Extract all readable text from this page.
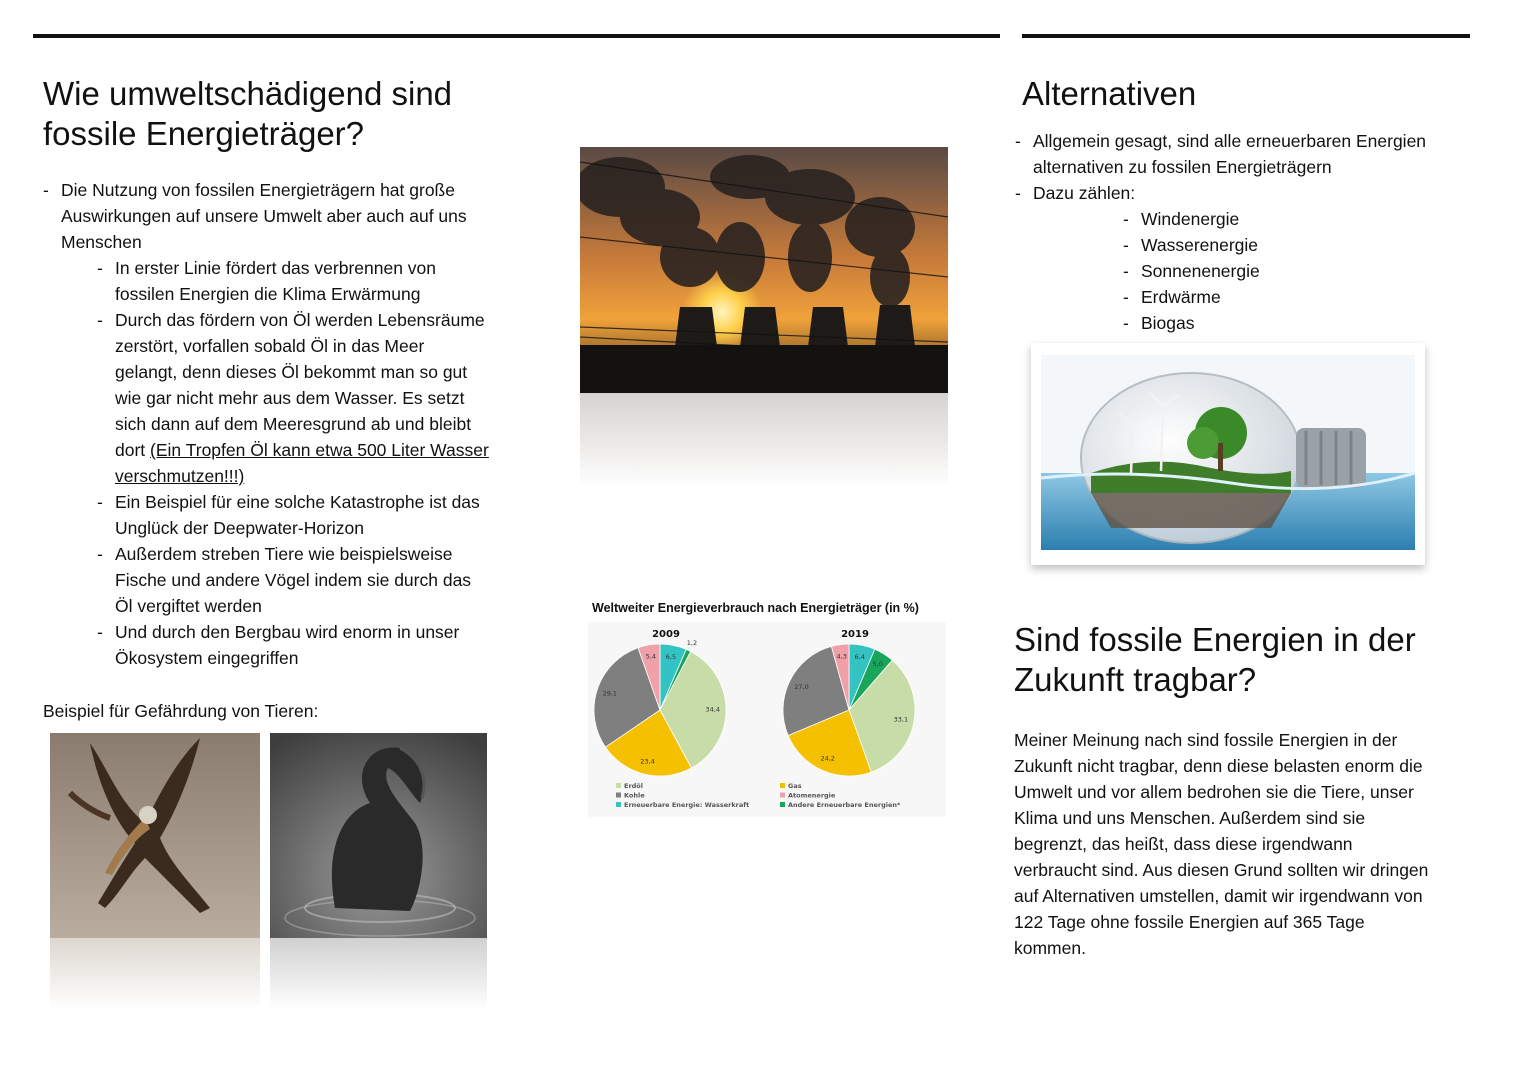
Wie umweltschädigend sind
fossile Energieträger?
- Die Nutzung von fossilen Energieträgern hat große Auswirkungen auf unsere Umwelt aber auch auf uns Menschen
- In erster Linie fördert das verbrennen von fossilen Energien die Klima Erwärmung
- Durch das fördern von Öl werden Lebensräume zerstört, vorfallen sobald Öl in das Meer gelangt, denn dieses Öl bekommt man so gut wie gar nicht mehr aus dem Wasser. Es setzt sich dann auf dem Meeresgrund ab und bleibt dort (Ein Tropfen Öl kann etwa 500 Liter Wasser verschmutzen!!!)
- Ein Beispiel für eine solche Katastrophe ist das Unglück der Deepwater-Horizon
- Außerdem streben Tiere wie beispielsweise Fische und andere Vögel indem sie durch das Öl vergiftet werden
- Und durch den Bergbau wird enorm in unser Ökosystem eingegriffen
Beispiel für Gefährdung von Tieren:
Weltweiter Energieverbrauch nach Energieträger (in %)
2009
6,5
1,2
34,4
23,4
29,1
5,4
2019
6,4
5,0
33,1
24,2
27,0
4,3
Erdöl
Kohle
Erneuerbare Energie: Wasserkraft
Gas
Atomenergie
Andere Erneuerbare Energien*
Alternativen
- Allgemein gesagt, sind alle erneuerbaren Energien alternativen zu fossilen Energieträgern
- Dazu zählen:
- Windenergie
- Wasserenergie
- Sonnenenergie
- Erdwärme
- Biogas
Sind fossile Energien in der
Zukunft tragbar?
Meiner Meinung nach sind fossile Energien in der Zukunft nicht tragbar, denn diese belasten enorm die Umwelt und vor allem bedrohen sie die Tiere, unser Klima und uns Menschen. Außerdem sind sie begrenzt, das heißt, dass diese irgendwann verbraucht sind. Aus diesen Grund sollten wir dringen auf Alternativen umstellen, damit wir irgendwann von 122 Tage ohne fossile Energien auf 365 Tage kommen.
